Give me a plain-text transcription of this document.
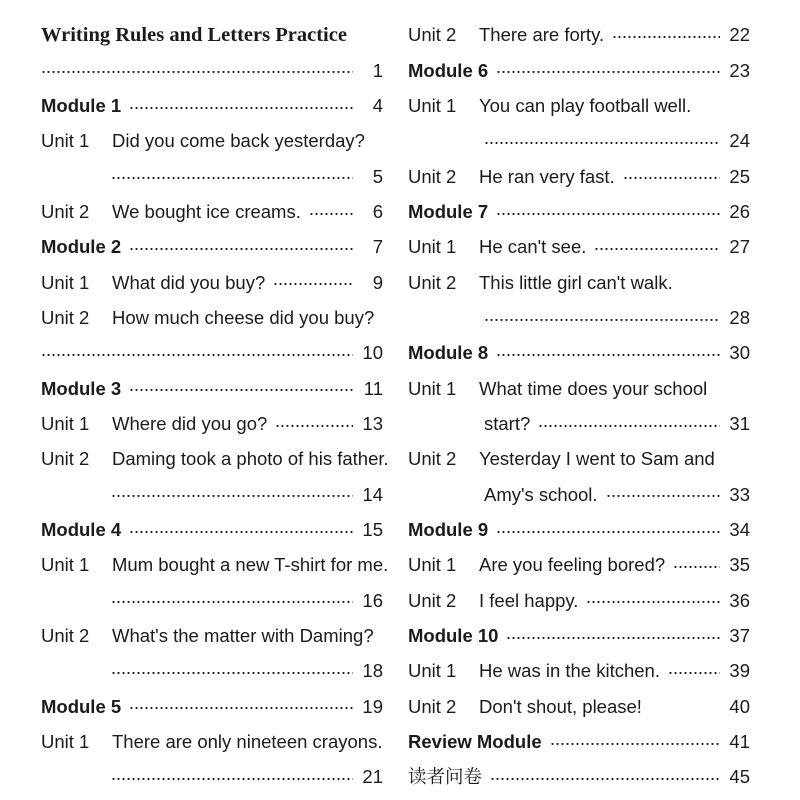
Writing Rules and Letters Practice
1
Module 1	4
Unit 1	Did you come back yesterday?
5
Unit 2	We bought ice creams.	6
Module 2	7
Unit 1	What did you buy?	9
Unit 2	How much cheese did you buy?
10
Module 3	11
Unit 1	Where did you go?	13
Unit 2	Daming took a photo of his father.
14
Module 4	15
Unit 1	Mum bought a new T-shirt for me.
16
Unit 2	What's the matter with Daming?
18
Module 5	19
Unit 1	There are only nineteen crayons.
21
Unit 2	There are forty.	22
Module 6	23
Unit 1	You can play football well.
24
Unit 2	He ran very fast.	25
Module 7	26
Unit 1	He can't see.	27
Unit 2	This little girl can't walk.
28
Module 8	30
Unit 1	What time does your school
start?	31
Unit 2	Yesterday I went to Sam and
Amy's school.	33
Module 9	34
Unit 1	Are you feeling bored?	35
Unit 2	I feel happy.	36
Module 10	37
Unit 1	He was in the kitchen.	39
Unit 2	Don't shout, please!	40
Review Module	41
读者问卷	45
